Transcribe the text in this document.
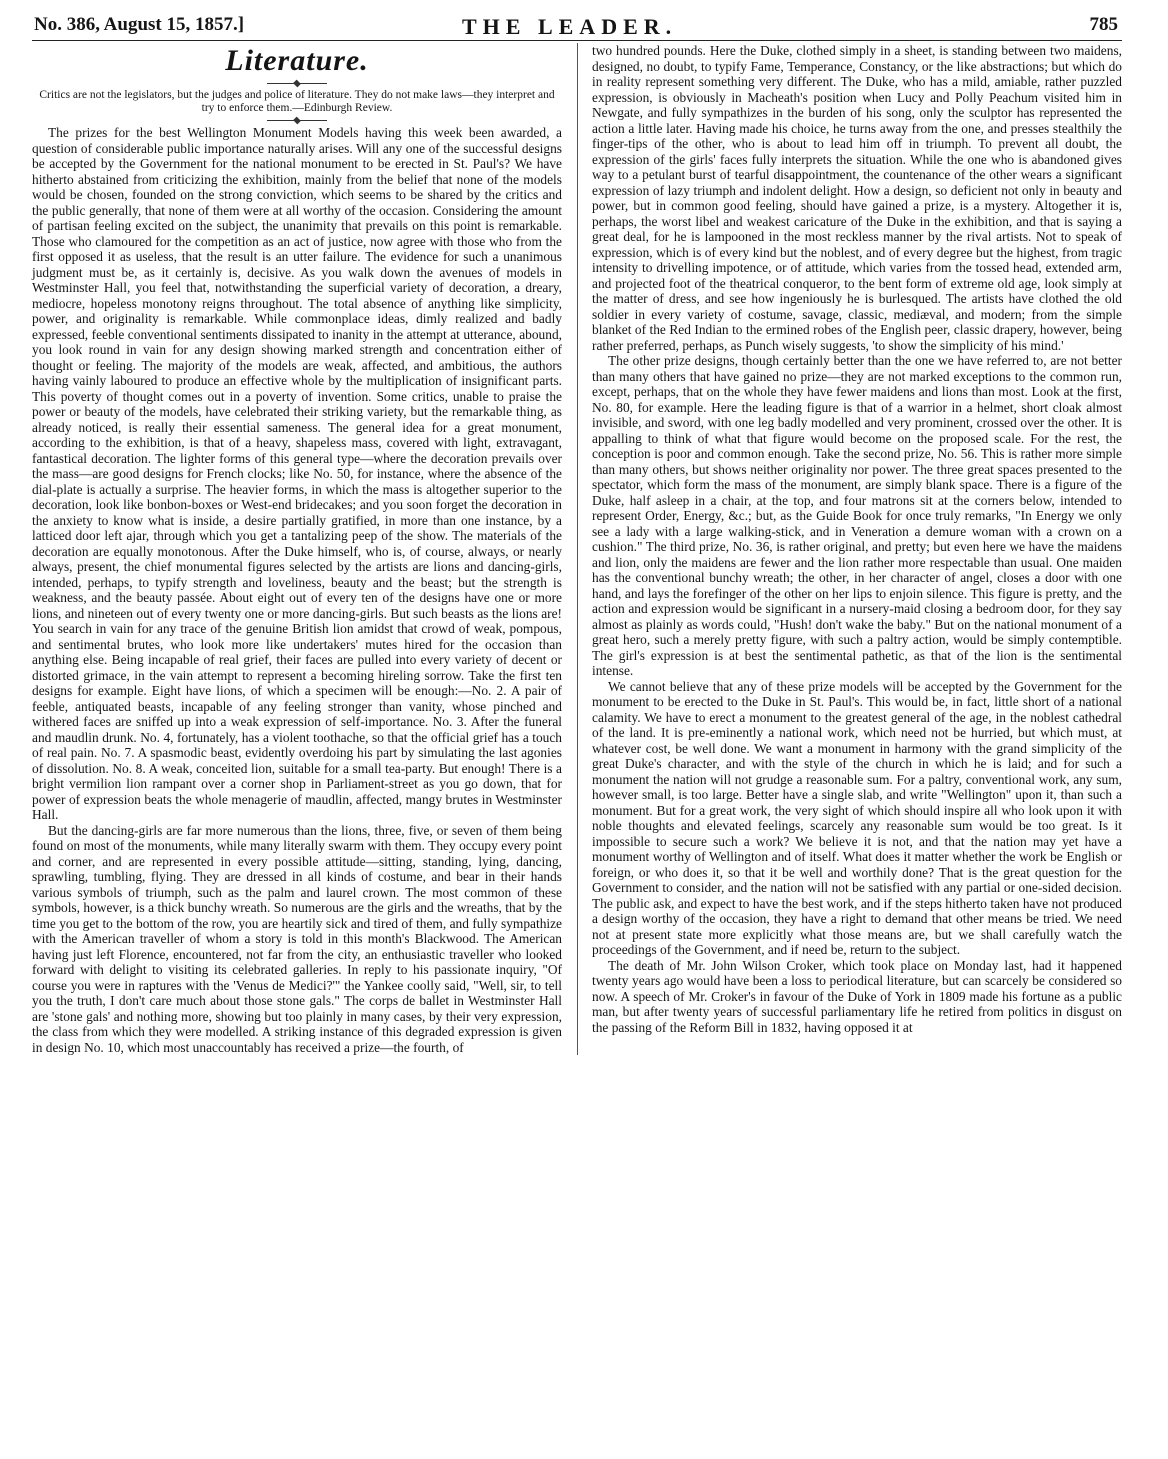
No. 386, August 15, 1857.]	THE LEADER.	785
Literature.
Critics are not the legislators, but the judges and police of literature. They do not make laws—they interpret and try to enforce them.—Edinburgh Review.

The prizes for the best Wellington Monument Models having this week been awarded, a question of considerable public importance naturally arises. Will any one of the successful designs be accepted by the Government for the national monument to be erected in St. Paul's? We have hitherto abstained from criticizing the exhibition, mainly from the belief that none of the models would be chosen, founded on the strong conviction, which seems to be shared by the critics and the public generally, that none of them were at all worthy of the occasion. Considering the amount of partisan feeling excited on the subject, the unanimity that prevails on this point is remarkable. Those who clamoured for the competition as an act of justice, now agree with those who from the first opposed it as useless, that the result is an utter failure. The evidence for such a unanimous judgment must be, as it certainly is, decisive. As you walk down the avenues of models in Westminster Hall, you feel that, notwithstanding the superficial variety of decoration, a dreary, mediocre, hopeless monotony reigns throughout. The total absence of anything like simplicity, power, and originality is remarkable. While commonplace ideas, dimly realized and badly expressed, feeble conventional sentiments dissipated to inanity in the attempt at utterance, abound, you look round in vain for any design showing marked strength and concentration either of thought or feeling. The majority of the models are weak, affected, and ambitious, the authors having vainly laboured to produce an effective whole by the multiplication of insignificant parts. This poverty of thought comes out in a poverty of invention. Some critics, unable to praise the power or beauty of the models, have celebrated their striking variety, but the remarkable thing, as already noticed, is really their essential sameness. The general idea for a great monument, according to the exhibition, is that of a heavy, shapeless mass, covered with light, extravagant, fantastical decoration. The lighter forms of this general type—where the decoration prevails over the mass—are good designs for French clocks; like No. 50, for instance, where the absence of the dial-plate is actually a surprise. The heavier forms, in which the mass is altogether superior to the decoration, look like bonbon-boxes or West-end bridecakes; and you soon forget the decoration in the anxiety to know what is inside, a desire partially gratified, in more than one instance, by a latticed door left ajar, through which you get a tantalizing peep of the show. The materials of the decoration are equally monotonous. After the Duke himself, who is, of course, always, or nearly always, present, the chief monumental figures selected by the artists are lions and dancing-girls, intended, perhaps, to typify strength and loveliness, beauty and the beast; but the strength is weakness, and the beauty passée. About eight out of every ten of the designs have one or more lions, and nineteen out of every twenty one or more dancing-girls. But such beasts as the lions are! You search in vain for any trace of the genuine British lion amidst that crowd of weak, pompous, and sentimental brutes, who look more like undertakers' mutes hired for the occasion than anything else. Being incapable of real grief, their faces are pulled into every variety of decent or distorted grimace, in the vain attempt to represent a becoming hireling sorrow. Take the first ten designs for example. Eight have lions, of which a specimen will be enough:—No. 2. A pair of feeble, antiquated beasts, incapable of any feeling stronger than vanity, whose pinched and withered faces are sniffed up into a weak expression of self-importance. No. 3. After the funeral and maudlin drunk. No. 4, fortunately, has a violent toothache, so that the official grief has a touch of real pain. No. 7. A spasmodic beast, evidently overdoing his part by simulating the last agonies of dissolution. No. 8. A weak, conceited lion, suitable for a small tea-party. But enough! There is a bright vermilion lion rampant over a corner shop in Parliament-street as you go down, that for power of expression beats the whole menagerie of maudlin, affected, mangy brutes in Westminster Hall.

But the dancing-girls are far more numerous than the lions, three, five, or seven of them being found on most of the monuments, while many literally swarm with them. They occupy every point and corner, and are represented in every possible attitude—sitting, standing, lying, dancing, sprawling, tumbling, flying. They are dressed in all kinds of costume, and bear in their hands various symbols of triumph, such as the palm and laurel crown. The most common of these symbols, however, is a thick bunchy wreath. So numerous are the girls and the wreaths, that by the time you get to the bottom of the row, you are heartily sick and tired of them, and fully sympathize with the American traveller of whom a story is told in this month's Blackwood. The American having just left Florence, encountered, not far from the city, an enthusiastic traveller who looked forward with delight to visiting its celebrated galleries. In reply to his passionate inquiry, "Of course you were in raptures with the 'Venus de Medici?'" the Yankee coolly said, "Well, sir, to tell you the truth, I don't care much about those stone gals." The corps de ballet in Westminster Hall are 'stone gals' and nothing more, showing but too plainly in many cases, by their very expression, the class from which they were modelled. A striking instance of this degraded expression is given in design No. 10, which most unaccountably has received a prize—the fourth, of

two hundred pounds. Here the Duke, clothed simply in a sheet, is standing between two maidens, designed, no doubt, to typify Fame, Temperance, Constancy, or the like abstractions; but which do in reality represent something very different. The Duke, who has a mild, amiable, rather puzzled expression, is obviously in Macheath's position when Lucy and Polly Peachum visited him in Newgate, and fully sympathizes in the burden of his song, only the sculptor has represented the action a little later. Having made his choice, he turns away from the one, and presses stealthily the finger-tips of the other, who is about to lead him off in triumph. To prevent all doubt, the expression of the girls' faces fully interprets the situation. While the one who is abandoned gives way to a petulant burst of tearful disappointment, the countenance of the other wears a significant expression of lazy triumph and indolent delight. How a design, so deficient not only in beauty and power, but in common good feeling, should have gained a prize, is a mystery. Altogether it is, perhaps, the worst libel and weakest caricature of the Duke in the exhibition, and that is saying a great deal, for he is lampooned in the most reckless manner by the rival artists. Not to speak of expression, which is of every kind but the noblest, and of every degree but the highest, from tragic intensity to drivelling impotence, or of attitude, which varies from the tossed head, extended arm, and projected foot of the theatrical conqueror, to the bent form of extreme old age, look simply at the matter of dress, and see how ingeniously he is burlesqued. The artists have clothed the old soldier in every variety of costume, savage, classic, mediæval, and modern; from the simple blanket of the Red Indian to the ermined robes of the English peer, classic drapery, however, being rather preferred, perhaps, as Punch wisely suggests, 'to show the simplicity of his mind.'

The other prize designs, though certainly better than the one we have referred to, are not better than many others that have gained no prize—they are not marked exceptions to the common run, except, perhaps, that on the whole they have fewer maidens and lions than most. Look at the first, No. 80, for example. Here the leading figure is that of a warrior in a helmet, short cloak almost invisible, and sword, with one leg badly modelled and very prominent, crossed over the other. It is appalling to think of what that figure would become on the proposed scale. For the rest, the conception is poor and common enough. Take the second prize, No. 56. This is rather more simple than many others, but shows neither originality nor power. The three great spaces presented to the spectator, which form the mass of the monument, are simply blank space. There is a figure of the Duke, half asleep in a chair, at the top, and four matrons sit at the corners below, intended to represent Order, Energy, &c.; but, as the Guide Book for once truly remarks, "In Energy we only see a lady with a large walking-stick, and in Veneration a demure woman with a crown on a cushion." The third prize, No. 36, is rather original, and pretty; but even here we have the maidens and lion, only the maidens are fewer and the lion rather more respectable than usual. One maiden has the conventional bunchy wreath; the other, in her character of angel, closes a door with one hand, and lays the forefinger of the other on her lips to enjoin silence. This figure is pretty, and the action and expression would be significant in a nursery-maid closing a bedroom door, for they say almost as plainly as words could, "Hush! don't wake the baby." But on the national monument of a great hero, such a merely pretty figure, with such a paltry action, would be simply contemptible. The girl's expression is at best the sentimental pathetic, as that of the lion is the sentimental intense.

We cannot believe that any of these prize models will be accepted by the Government for the monument to be erected to the Duke in St. Paul's. This would be, in fact, little short of a national calamity. We have to erect a monument to the greatest general of the age, in the noblest cathedral of the land. It is pre-eminently a national work, which need not be hurried, but which must, at whatever cost, be well done. We want a monument in harmony with the grand simplicity of the great Duke's character, and with the style of the church in which he is laid; and for such a monument the nation will not grudge a reasonable sum. For a paltry, conventional work, any sum, however small, is too large. Better have a single slab, and write "Wellington" upon it, than such a monument. But for a great work, the very sight of which should inspire all who look upon it with noble thoughts and elevated feelings, scarcely any reasonable sum would be too great. Is it impossible to secure such a work? We believe it is not, and that the nation may yet have a monument worthy of Wellington and of itself. What does it matter whether the work be English or foreign, or who does it, so that it be well and worthily done? That is the great question for the Government to consider, and the nation will not be satisfied with any partial or one-sided decision. The public ask, and expect to have the best work, and if the steps hitherto taken have not produced a design worthy of the occasion, they have a right to demand that other means be tried. We need not at present state more explicitly what those means are, but we shall carefully watch the proceedings of the Government, and if need be, return to the subject.

The death of Mr. John Wilson Croker, which took place on Monday last, had it happened twenty years ago would have been a loss to periodical literature, but can scarcely be considered so now. A speech of Mr. Croker's in favour of the Duke of York in 1809 made his fortune as a public man, but after twenty years of successful parliamentary life he retired from politics in disgust on the passing of the Reform Bill in 1832, having opposed it at
